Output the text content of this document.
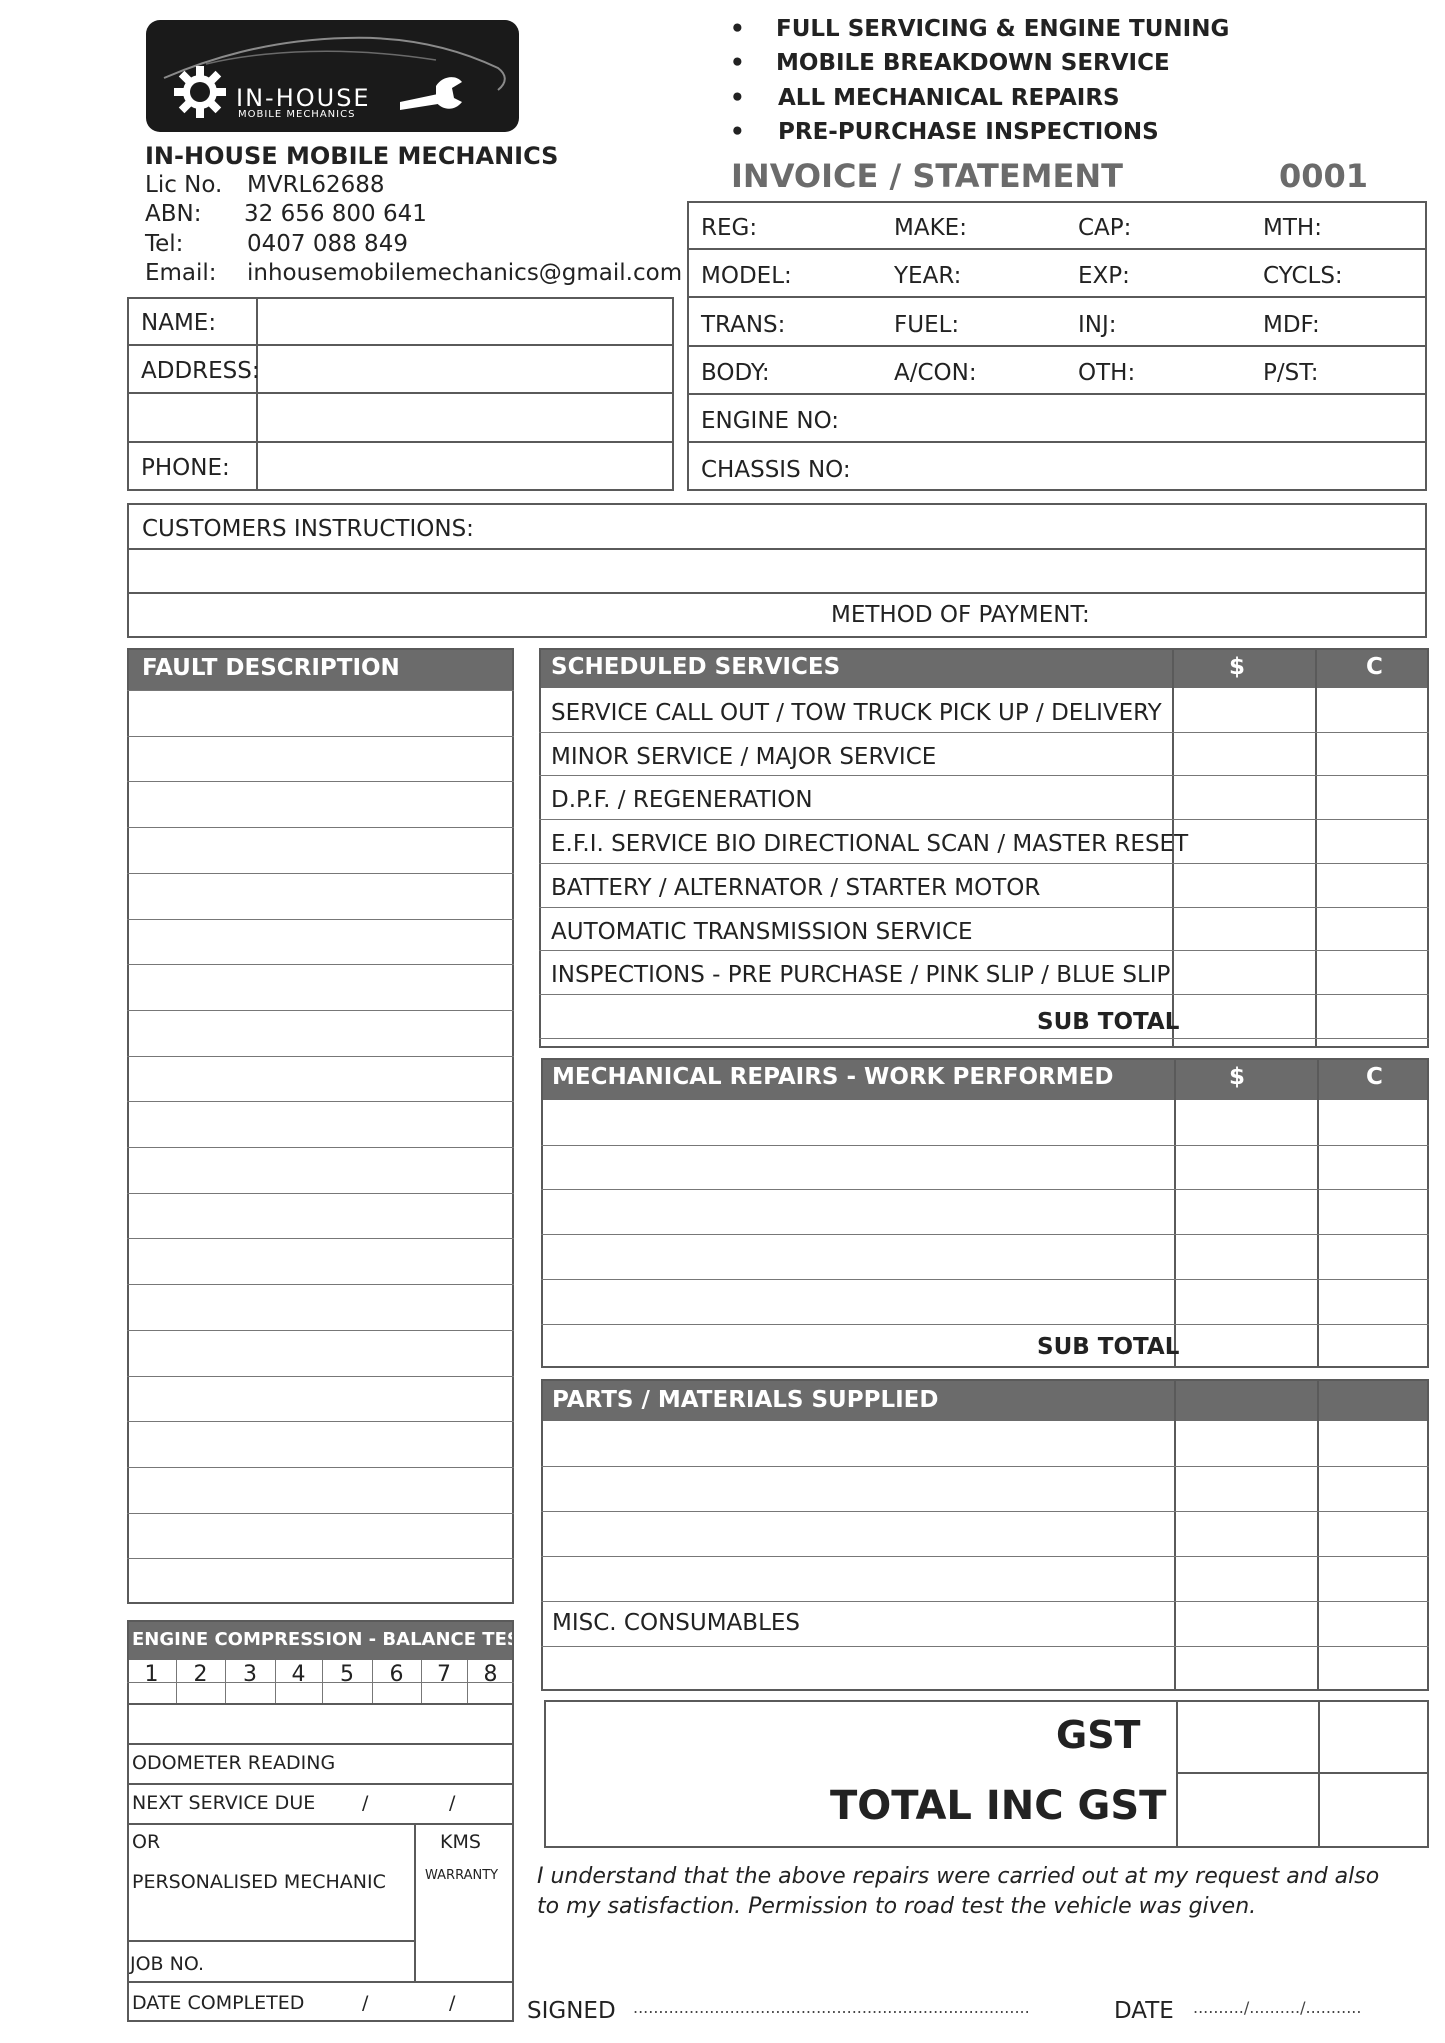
IN-HOUSE
MOBILE MECHANICS
• FULL SERVICING & ENGINE TUNING
• MOBILE BREAKDOWN SERVICE
• ALL MECHANICAL REPAIRS
• PRE-PURCHASE INSPECTIONS
IN-HOUSE MOBILE MECHANICS
Lic No. MVRL62688
ABN: 32 656 800 641
Tel:	0407 088 849
Email: inhousemobilemechanics@gmail.com
INVOICE / STATEMENT	0001
NAME:
ADDRESS:
PHONE:
REG:	MAKE:	CAP:	MTH:
MODEL:	YEAR:	EXP:	CYCLS:
TRANS:	FUEL:	INJ:	MDF:
BODY:	A/CON:	OTH:	P/ST:
ENGINE NO:
CHASSIS NO:
CUSTOMERS INSTRUCTIONS:
METHOD OF PAYMENT:
FAULT DESCRIPTION	SCHEDULED SERVICES	$	C
SERVICE CALL OUT / TOW TRUCK PICK UP / DELIVERY
MINOR SERVICE / MAJOR SERVICE
D.P.F. / REGENERATION
E.F.I. SERVICE BIO DIRECTIONAL SCAN / MASTER RESET
BATTERY / ALTERNATOR / STARTER MOTOR
AUTOMATIC TRANSMISSION SERVICE
INSPECTIONS - PRE PURCHASE / PINK SLIP / BLUE SLIP
SUB TOTAL
MECHANICAL REPAIRS - WORK PERFORMED	$	C
SUB TOTAL
PARTS / MATERIALS SUPPLIED
MISC. CONSUMABLES
GST
TOTAL INC GST
ENGINE COMPRESSION - BALANCE TEST
1	2	3	4	5	6	7	8
ODOMETER READING
NEXT SERVICE DUE /	/
OR	KMS
PERSONALISED MECHANIC	WARRANTY
JOB NO.
DATE COMPLETED	/	/
I understand that the above repairs were carried out at my request and also
to my satisfaction. Permission to road test the vehicle was given.
SIGNED ..............................................................................	DATE ........../........../...........
